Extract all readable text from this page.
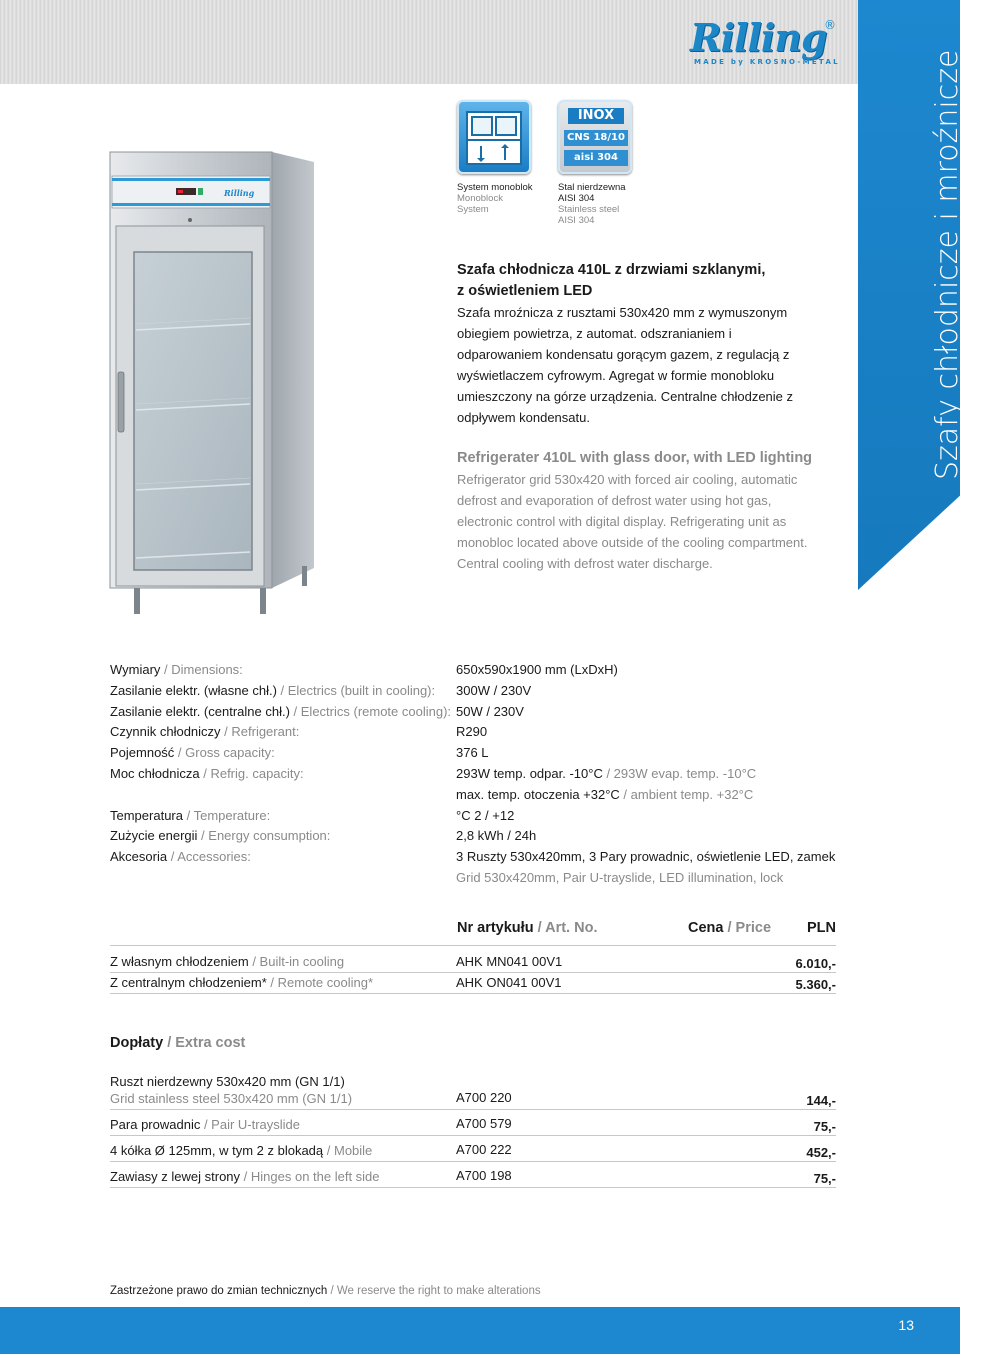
Rilling
®
MADE by KROSNO-METAL	Szafy chłodnicze i mroźnicze
Refrigerators and freezers
Rilling	System monoblok
Monoblock System
INOX
CNS 18/10
aisi 304
Stal nierdzewna AISI 304
Stainless steel AISI 304
Szafa chłodnicza 410L z drzwiami szklanymi,
z oświetleniem LED
Szafa mroźnicza z rusztami 530x420 mm z wymuszonym obiegiem powietrza, z automat. odszranianiem i odparowaniem kondensatu gorącym gazem, z regulacją z wyświetlaczem cyfrowym. Agregat w formie monobloku umieszczony na górze urządzenia. Centralne chłodzenie z odpływem kondensatu.
Refrigerater 410L with glass door, with LED lighting
Refrigerator grid 530x420 with forced air cooling, automatic defrost and evaporation of defrost water using hot gas, electronic control with digital display. Refrigerating unit as monobloc located above outside of the cooling compartment. Central cooling with defrost water discharge.
Wymiary / Dimensions:	650x590x1900 mm (LxDxH)
Zasilanie elektr. (własne chł.) / Electrics (built in cooling):	300W / 230V
Zasilanie elektr. (centralne chł.) / Electrics (remote cooling): 50W / 230V
Czynnik chłodniczy / Refrigerant:	R290
Pojemność / Gross capacity:	376 L
Moc chłodnicza / Refrig. capacity:	293W temp. odpar. -10°C / 293W evap. temp. -10°C
max. temp. otoczenia +32°C / ambient temp. +32°C
Temperatura / Temperature:	°C 2 / +12
Zużycie energii / Energy consumption:	2,8 kWh / 24h
Akcesoria / Accessories:	3 Ruszty 530x420mm, 3 Pary prowadnic, oświetlenie LED, zamek
Grid 530x420mm, Pair U-trayslide, LED illumination, lock
Nr artykułu / Art. No.	Cena / Price PLN
Z własnym chłodzeniem / Built-in cooling	AHK MN041 00V1	6.010,-
Z centralnym chłodzeniem* / Remote cooling*	AHK ON041 00V1	5.360,-
Dopłaty / Extra cost
Ruszt nierdzewny 530x420 mm (GN 1/1)
Grid stainless steel 530x420 mm (GN 1/1)	A700 220	144,-
Para prowadnic / Pair U-trayslide	A700 579	75,-
4 kółka Ø 125mm, w tym 2 z blokadą / Mobile	A700 222	452,-
Zawiasy z lewej strony / Hinges on the left side	A700 198	75,-
Zastrzeżone prawo do zmian technicznych / We reserve the right to make alterations
13
